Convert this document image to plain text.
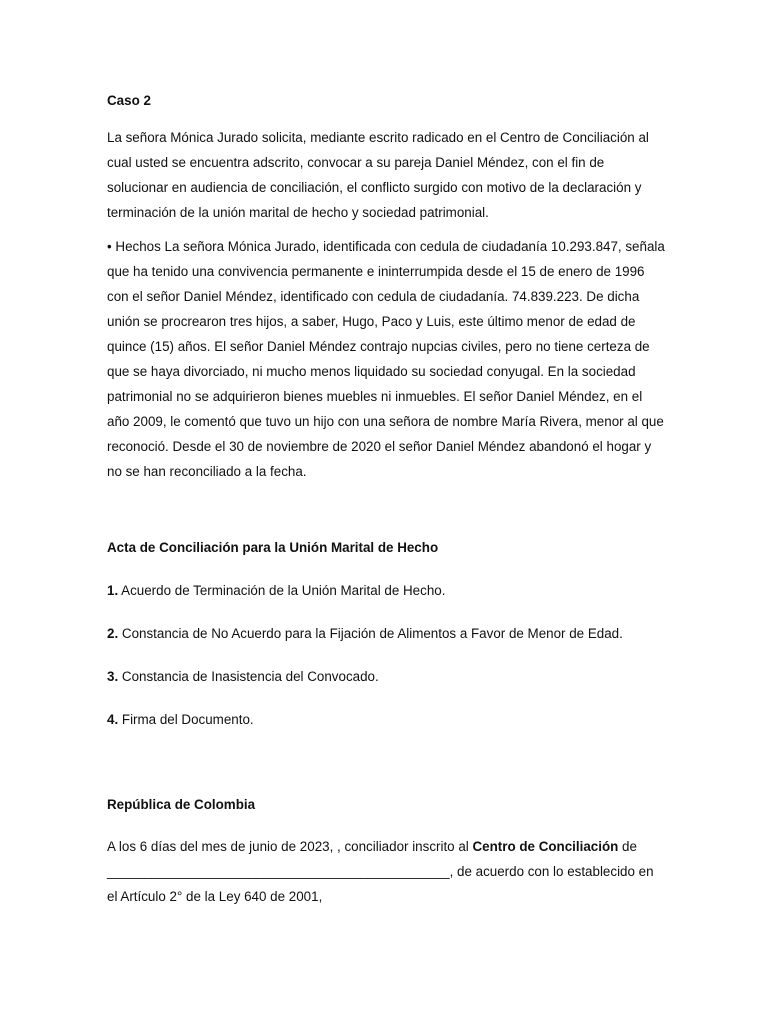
Caso 2

La señora Mónica Jurado solicita, mediante escrito radicado en el Centro de Conciliación al cual usted se encuentra adscrito, convocar a su pareja Daniel Méndez, con el fin de solucionar en audiencia de conciliación, el conflicto surgido con motivo de la declaración y terminación de la unión marital de hecho y sociedad patrimonial.

• Hechos La señora Mónica Jurado, identificada con cedula de ciudadanía 10.293.847, señala que ha tenido una convivencia permanente e ininterrumpida desde el 15 de enero de 1996 con el señor Daniel Méndez, identificado con cedula de ciudadanía. 74.839.223. De dicha unión se procrearon tres hijos, a saber, Hugo, Paco y Luis, este último menor de edad de quince (15) años. El señor Daniel Méndez contrajo nupcias civiles, pero no tiene certeza de que se haya divorciado, ni mucho menos liquidado su sociedad conyugal. En la sociedad patrimonial no se adquirieron bienes muebles ni inmuebles. El señor Daniel Méndez, en el año 2009, le comentó que tuvo un hijo con una señora de nombre María Rivera, menor al que reconoció. Desde el 30 de noviembre de 2020 el señor Daniel Méndez abandonó el hogar y no se han reconciliado a la fecha.

Acta de Conciliación para la Unión Marital de Hecho

1. Acuerdo de Terminación de la Unión Marital de Hecho.

2. Constancia de No Acuerdo para la Fijación de Alimentos a Favor de Menor de Edad.

3. Constancia de Inasistencia del Convocado.

4. Firma del Documento.

República de Colombia

A los 6 días del mes de junio de 2023, , conciliador inscrito al Centro de Conciliación de ______________________________________________, de acuerdo con lo establecido en el Artículo 2° de la Ley 640 de 2001,
